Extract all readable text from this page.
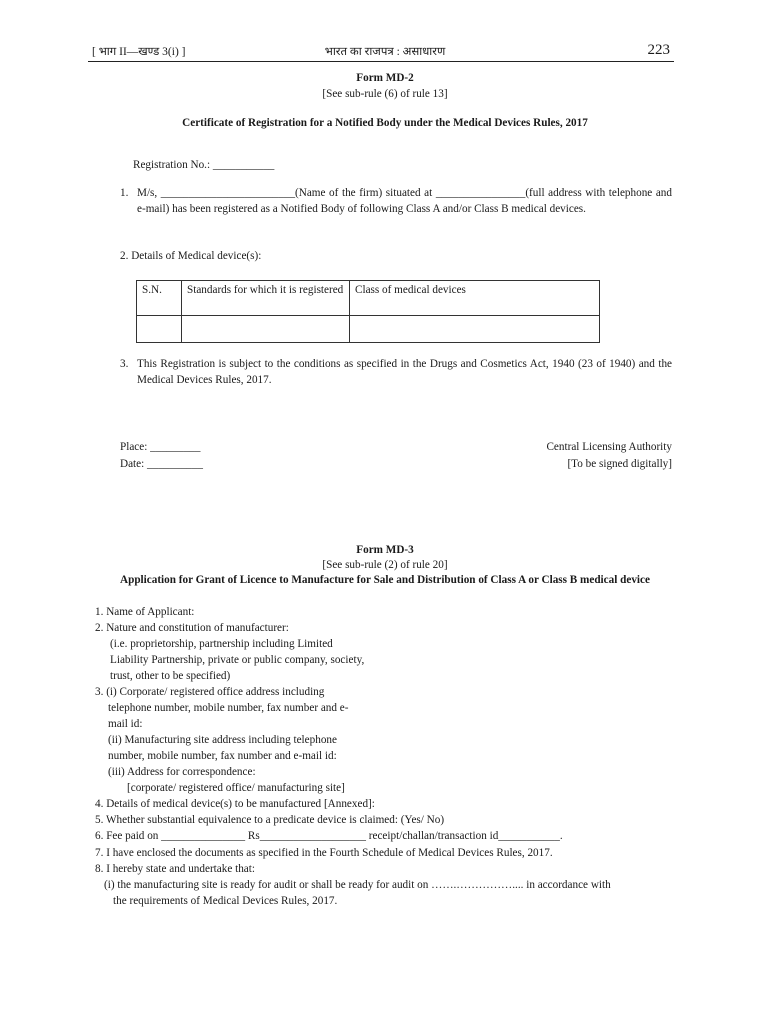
[ भाग II—खण्ड 3(i) ]	भारत का राजपत्र : असाधारण	223
Form MD-2
[See sub-rule (6) of rule 13]
Certificate of Registration for a Notified Body under the Medical Devices Rules, 2017
Registration No.: ___________
1. M/s, ________________________(Name of the firm) situated at ________________(full address with telephone and e-mail) has been registered as a Notified Body of following Class A and/or Class B medical devices.
2. Details of Medical device(s):
S.N.	Standards for which it is registered	Class of medical devices

3. This Registration is subject to the conditions as specified in the Drugs and Cosmetics Act, 1940 (23 of 1940) and the Medical Devices Rules, 2017.
Place: _________
Date: __________
Central Licensing Authority
[To be signed digitally]
Form MD-3
[See sub-rule (2) of rule 20]
Application for Grant of Licence to Manufacture for Sale and Distribution of Class A or Class B medical device
1. Name of Applicant:
2. Nature and constitution of manufacturer:
(i.e. proprietorship, partnership including Limited
Liability Partnership, private or public company, society,
trust, other to be specified)
3. (i) Corporate/ registered office address including
telephone number, mobile number, fax number and e-
mail id:
(ii) Manufacturing site address including telephone
number, mobile number, fax number and e-mail id:
(iii) Address for correspondence:
[corporate/ registered office/ manufacturing site]
4. Details of medical device(s) to be manufactured [Annexed]:
5. Whether substantial equivalence to a predicate device is claimed: (Yes/ No)
6. Fee paid on _______________ Rs___________________ receipt/challan/transaction id___________.
7. I have enclosed the documents as specified in the Fourth Schedule of Medical Devices Rules, 2017.
8. I hereby state and undertake that:
(i) the manufacturing site is ready for audit or shall be ready for audit on …….…………….... in accordance with
the requirements of Medical Devices Rules, 2017.
